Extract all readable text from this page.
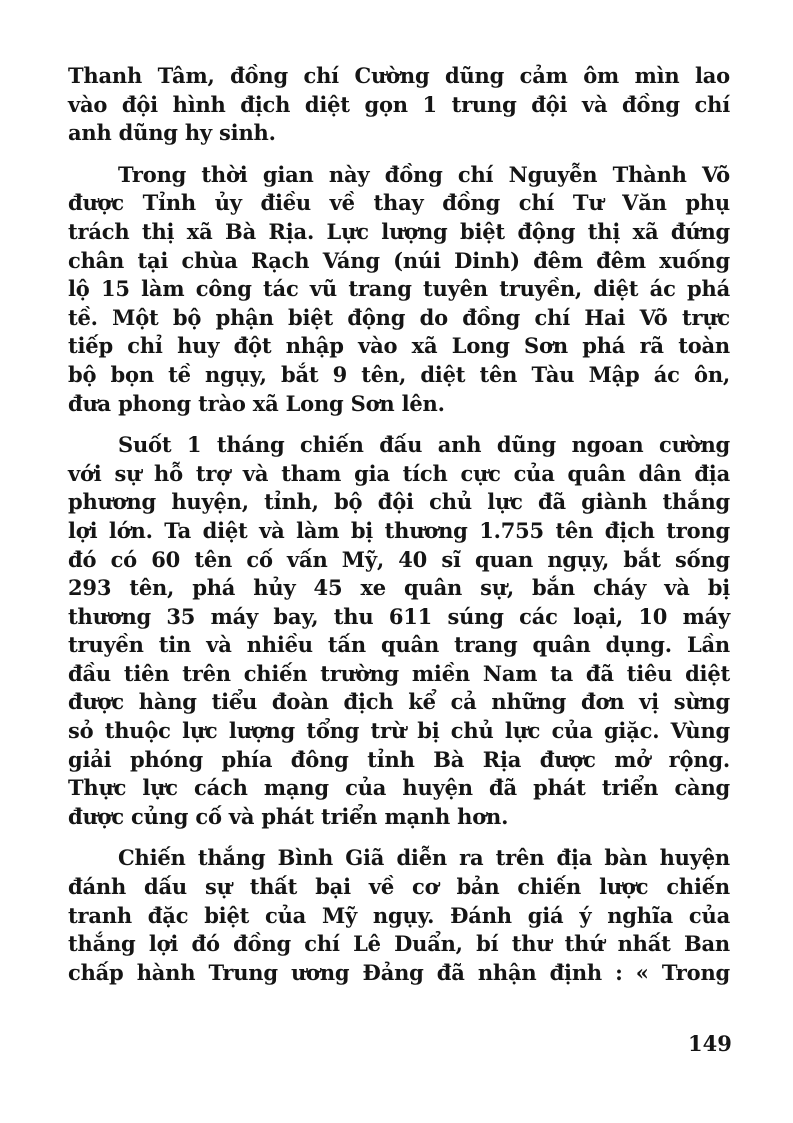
Thanh Tâm, đồng chí Cường dũng cảm ôm mìn lao
vào đội hình địch diệt gọn 1 trung đội và đồng chí
anh dũng hy sinh.
Trong thời gian này đồng chí Nguyễn Thành Võ
được Tỉnh ủy điều về thay đồng chí Tư Văn phụ
trách thị xã Bà Rịa. Lực lượng biệt động thị xã đứng
chân tại chùa Rạch Váng (núi Dinh) đêm đêm xuống
lộ 15 làm công tác vũ trang tuyên truyền, diệt ác phá
tề. Một bộ phận biệt động do đồng chí Hai Võ trực
tiếp chỉ huy đột nhập vào xã Long Sơn phá rã toàn
bộ bọn tề ngụy, bắt 9 tên, diệt tên Tàu Mập ác ôn,
đưa phong trào xã Long Sơn lên.
Suốt 1 tháng chiến đấu anh dũng ngoan cường
với sự hỗ trợ và tham gia tích cực của quân dân địa
phương huyện, tỉnh, bộ đội chủ lực đã giành thắng
lợi lớn. Ta diệt và làm bị thương 1.755 tên địch trong
đó có 60 tên cố vấn Mỹ, 40 sĩ quan ngụy, bắt sống
293 tên, phá hủy 45 xe quân sự, bắn cháy và bị
thương 35 máy bay, thu 611 súng các loại, 10 máy
truyền tin và nhiều tấn quân trang quân dụng. Lần
đầu tiên trên chiến trường miền Nam ta đã tiêu diệt
được hàng tiểu đoàn địch kể cả những đơn vị sừng
sỏ thuộc lực lượng tổng trừ bị chủ lực của giặc. Vùng
giải phóng phía đông tỉnh Bà Rịa được mở rộng.
Thực lực cách mạng của huyện đã phát triển càng
được củng cố và phát triển mạnh hơn.
Chiến thắng Bình Giã diễn ra trên địa bàn huyện
đánh dấu sự thất bại về cơ bản chiến lược chiến
tranh đặc biệt của Mỹ ngụy. Đánh giá ý nghĩa của
thắng lợi đó đồng chí Lê Duẩn, bí thư thứ nhất Ban
chấp hành Trung ương Đảng đã nhận định : « Trong
149
